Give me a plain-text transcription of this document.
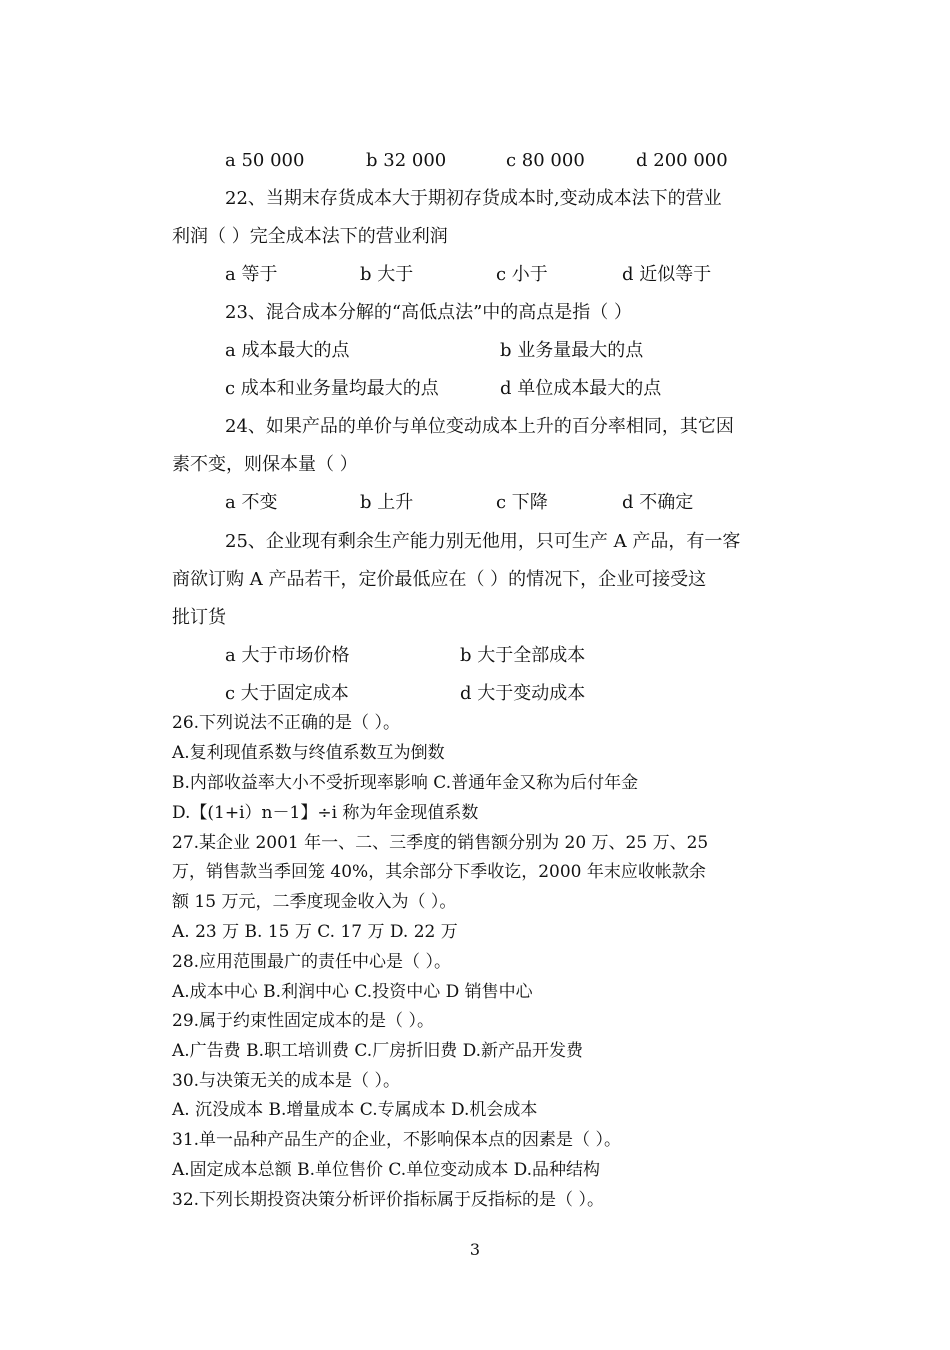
a 50 000	b 32 000	c 80 000	d 200 000
22、当期末存货成本大于期初存货成本时,变动成本法下的营业
利润（ ）完全成本法下的营业利润
a 等于	b 大于	c 小于	d 近似等于
23、混合成本分解的“高低点法”中的高点是指（ ）
a 成本最大的点	b 业务量最大的点
c 成本和业务量均最大的点	d 单位成本最大的点
24、如果产品的单价与单位变动成本上升的百分率相同，其它因
素不变，则保本量（ ）
a 不变	b 上升	c 下降	d 不确定
25、企业现有剩余生产能力别无他用，只可生产 A 产品，有一客
商欲订购 A 产品若干，定价最低应在（ ）的情况下，企业可接受这
批订货
a 大于市场价格	b 大于全部成本
c 大于固定成本	d 大于变动成本
26.下列说法不正确的是（ ）。
A.复利现值系数与终值系数互为倒数
B.内部收益率大小不受折现率影响 C.普通年金又称为后付年金
D.【(1+i）n－1】÷i 称为年金现值系数
27.某企业 2001 年一、二、三季度的销售额分别为 20 万、25 万、25
万，销售款当季回笼 40%，其余部分下季收讫，2000 年末应收帐款余
额 15 万元，二季度现金收入为（ ）。
A. 23 万 B. 15 万 C. 17 万 D. 22 万
28.应用范围最广的责任中心是（ ）。
A.成本中心 B.利润中心 C.投资中心 D 销售中心
29.属于约束性固定成本的是（ ）。
A.广告费 B.职工培训费 C.厂房折旧费 D.新产品开发费
30.与决策无关的成本是（ ）。
A. 沉没成本 B.增量成本 C.专属成本 D.机会成本
31.单一品种产品生产的企业，不影响保本点的因素是（ ）。
A.固定成本总额 B.单位售价 C.单位变动成本 D.品种结构
32.下列长期投资决策分析评价指标属于反指标的是（ ）。
3
